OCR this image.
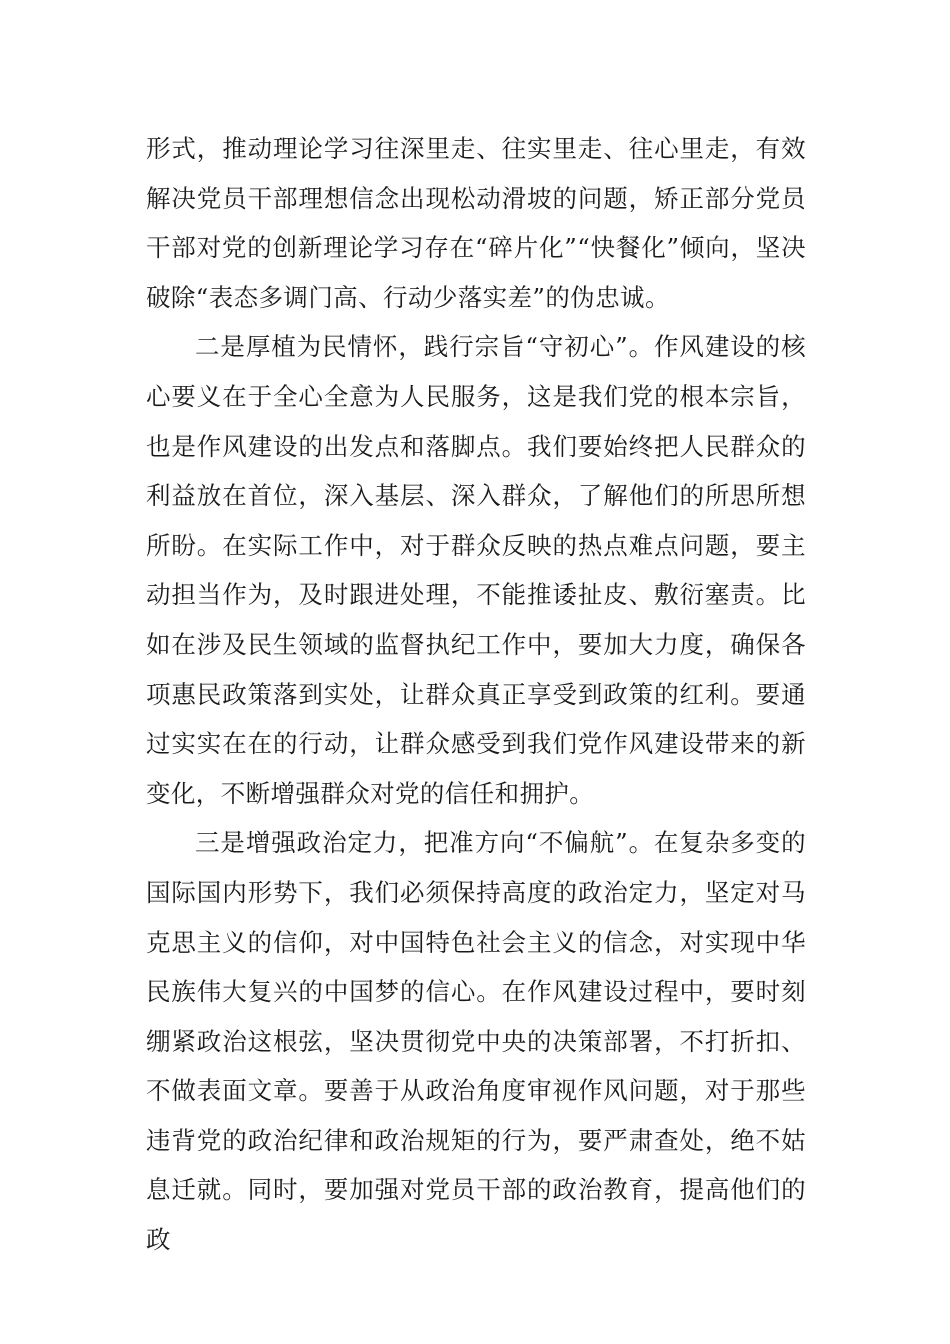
形式，推动理论学习往深里走、往实里走、往心里走，有效解决党员干部理想信念出现松动滑坡的问题，矫正部分党员干部对党的创新理论学习存在“碎片化”“快餐化”倾向，坚决破除“表态多调门高、行动少落实差”的伪忠诚。

二是厚植为民情怀，践行宗旨“守初心”。作风建设的核心要义在于全心全意为人民服务，这是我们党的根本宗旨，也是作风建设的出发点和落脚点。我们要始终把人民群众的利益放在首位，深入基层、深入群众，了解他们的所思所想所盼。在实际工作中，对于群众反映的热点难点问题，要主动担当作为，及时跟进处理，不能推诿扯皮、敷衍塞责。比如在涉及民生领域的监督执纪工作中，要加大力度，确保各项惠民政策落到实处，让群众真正享受到政策的红利。要通过实实在在的行动，让群众感受到我们党作风建设带来的新变化，不断增强群众对党的信任和拥护。

三是增强政治定力，把准方向“不偏航”。在复杂多变的国际国内形势下，我们必须保持高度的政治定力，坚定对马克思主义的信仰，对中国特色社会主义的信念，对实现中华民族伟大复兴的中国梦的信心。在作风建设过程中，要时刻绷紧政治这根弦，坚决贯彻党中央的决策部署，不打折扣、不做表面文章。要善于从政治角度审视作风问题，对于那些违背党的政治纪律和政治规矩的行为，要严肃查处，绝不姑息迁就。同时，要加强对党员干部的政治教育，提高他们的政
